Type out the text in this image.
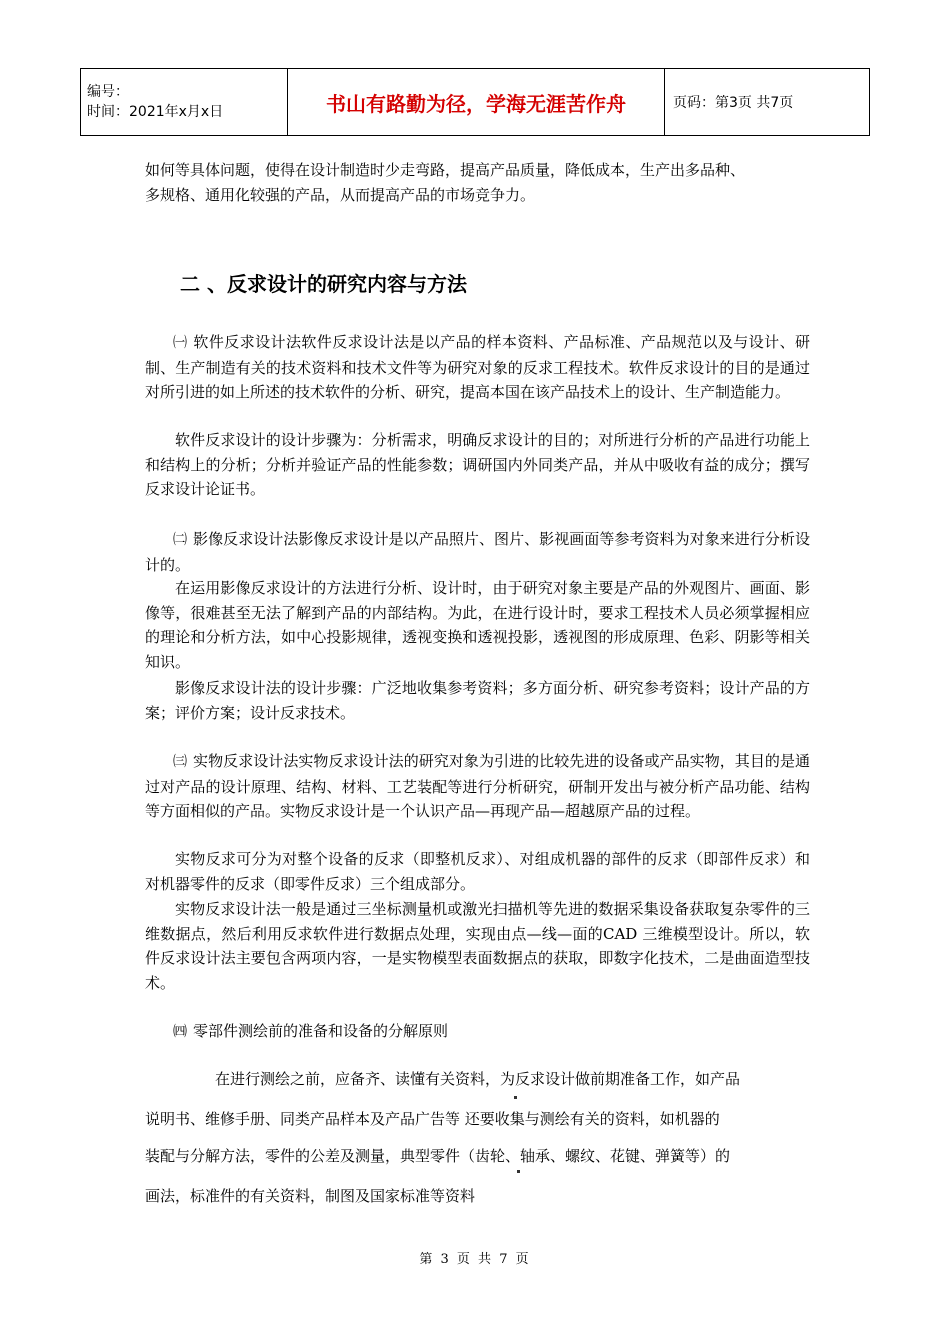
编号：
时间：2021年x月x日	书山有路勤为径，学海无涯苦作舟	页码：第3页 共7页

如何等具体问题，使得在设计制造时少走弯路，提高产品质量，降低成本，生产出多品种、
多规格、通用化较强的产品，从而提高产品的市场竞争力。

二 、反求设计的研究内容与方法

㈠ 软件反求设计法软件反求设计法是以产品的样本资料、产品标准、产品规范以及与设计、研制、生产制造有关的技术资料和技术文件等为研究对象的反求工程技术。软件反求设计的目的是通过对所引进的如上所述的技术软件的分析、研究，提高本国在该产品技术上的设计、生产制造能力。

软件反求设计的设计步骤为：分析需求，明确反求设计的目的；对所进行分析的产品进行功能上和结构上的分析；分析并验证产品的性能参数；调研国内外同类产品，并从中吸收有益的成分；撰写反求设计论证书。

㈡ 影像反求设计法影像反求设计是以产品照片、图片、影视画面等参考资料为对象来进行分析设计的。

在运用影像反求设计的方法进行分析、设计时，由于研究对象主要是产品的外观图片、画面、影像等，很难甚至无法了解到产品的内部结构。为此，在进行设计时，要求工程技术人员必须掌握相应的理论和分析方法，如中心投影规律，透视变换和透视投影，透视图的形成原理、色彩、阴影等相关知识。

影像反求设计法的设计步骤：广泛地收集参考资料；多方面分析、研究参考资料；设计产品的方案；评价方案；设计反求技术。

㈢ 实物反求设计法实物反求设计法的研究对象为引进的比较先进的设备或产品实物，其目的是通过对产品的设计原理、结构、材料、工艺装配等进行分析研究，研制开发出与被分析产品功能、结构等方面相似的产品。实物反求设计是一个认识产品—再现产品—超越原产品的过程。

实物反求可分为对整个设备的反求（即整机反求）、对组成机器的部件的反求（即部件反求）和对机器零件的反求（即零件反求）三个组成部分。

实物反求设计法一般是通过三坐标测量机或激光扫描机等先进的数据采集设备获取复杂零件的三维数据点，然后利用反求软件进行数据点处理，实现由点—线—面的CAD 三维模型设计。所以，软件反求设计法主要包含两项内容，一是实物模型表面数据点的获取，即数字化技术，二是曲面造型技术。

㈣ 零部件测绘前的准备和设备的分解原则

在进行测绘之前，应备齐、读懂有关资料，为反求设计做前期准备工作，如产品

说明书、维修手册、同类产品样本及产品广告等 还要收集与测绘有关的资料，如机器的

装配与分解方法，零件的公差及测量，典型零件（齿轮、轴承、螺纹、花键、弹簧等）的

画法，标准件的有关资料，制图及国家标准等资料

第 3 页 共 7 页
